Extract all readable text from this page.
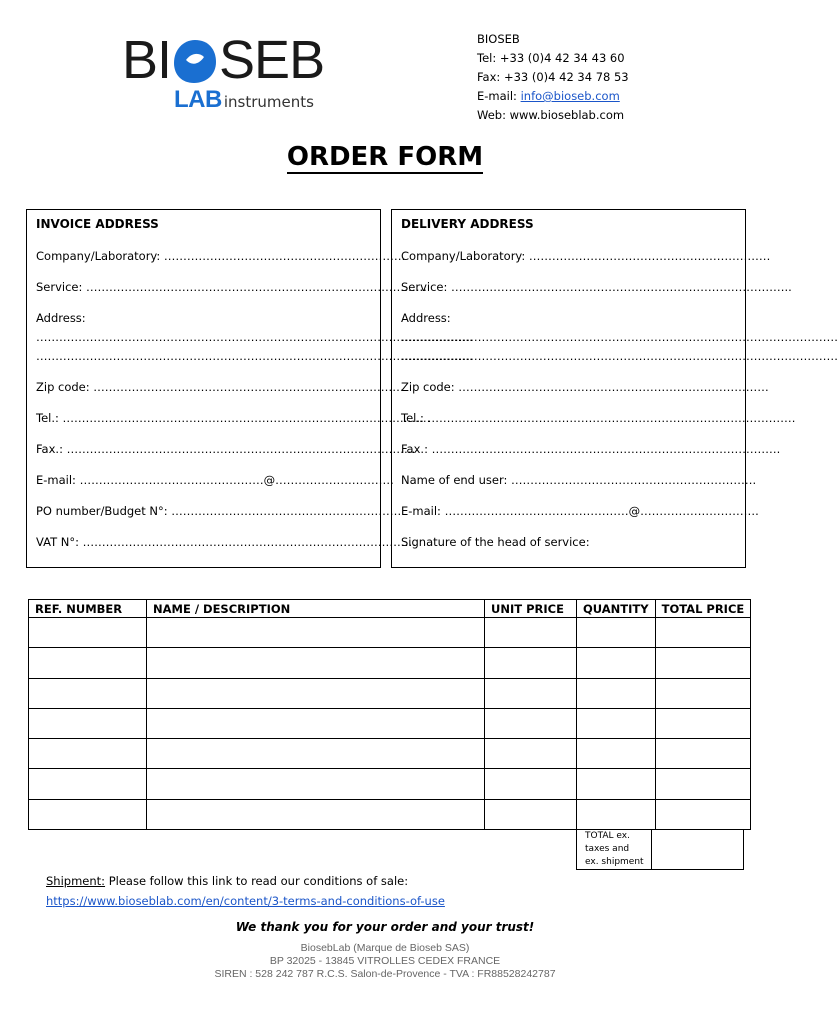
BI SEB
LAB instruments
BIOSEB
Tel: +33 (0)4 42 34 43 60
Fax: +33 (0)4 42 34 78 53
E-mail: info@bioseb.com
Web: www.bioseblab.com
ORDER FORM
INVOICE ADDRESS
Company/Laboratory: ………………………………………………………
Service: ……………………………………………………………………………..
Address:
……………………………………………………………………………………………………
……………………………………………………………………………………………………
Zip code: ………………………………………………………………………
Tel.: ……………………………………………………………………………………
Fax.: ……………………………………………………………………………….
E-mail: …………………………………………@………………………….
PO number/Budget N°: ……………………………………………………
VAT N°: ……………………………………………………………………………
DELIVERY ADDRESS
Company/Laboratory: ………………………………………………………
Service: ……………………………………………………………………………..
Address:
……………………………………………………………………………………………………
……………………………………………………………………………………………………
Zip code: ………………………………………………………………………
Tel.: ……………………………………………………………………………………
Fax.: ……………………………………………………………………………….
Name of end user: ……………………………………………………….
E-mail: …………………………………………@………………………….
Signature of the head of service:
REF. NUMBER	NAME / DESCRIPTION	UNIT PRICE	QUANTITY	TOTAL PRICE

TOTAL ex.
taxes and
ex. shipment
Shipment: Please follow this link to read our conditions of sale:
https://www.bioseblab.com/en/content/3-terms-and-conditions-of-use
We thank you for your order and your trust!
BiosebLab (Marque de Bioseb SAS)
BP 32025 - 13845 VITROLLES CEDEX FRANCE
SIREN : 528 242 787 R.C.S. Salon-de-Provence - TVA : FR88528242787
